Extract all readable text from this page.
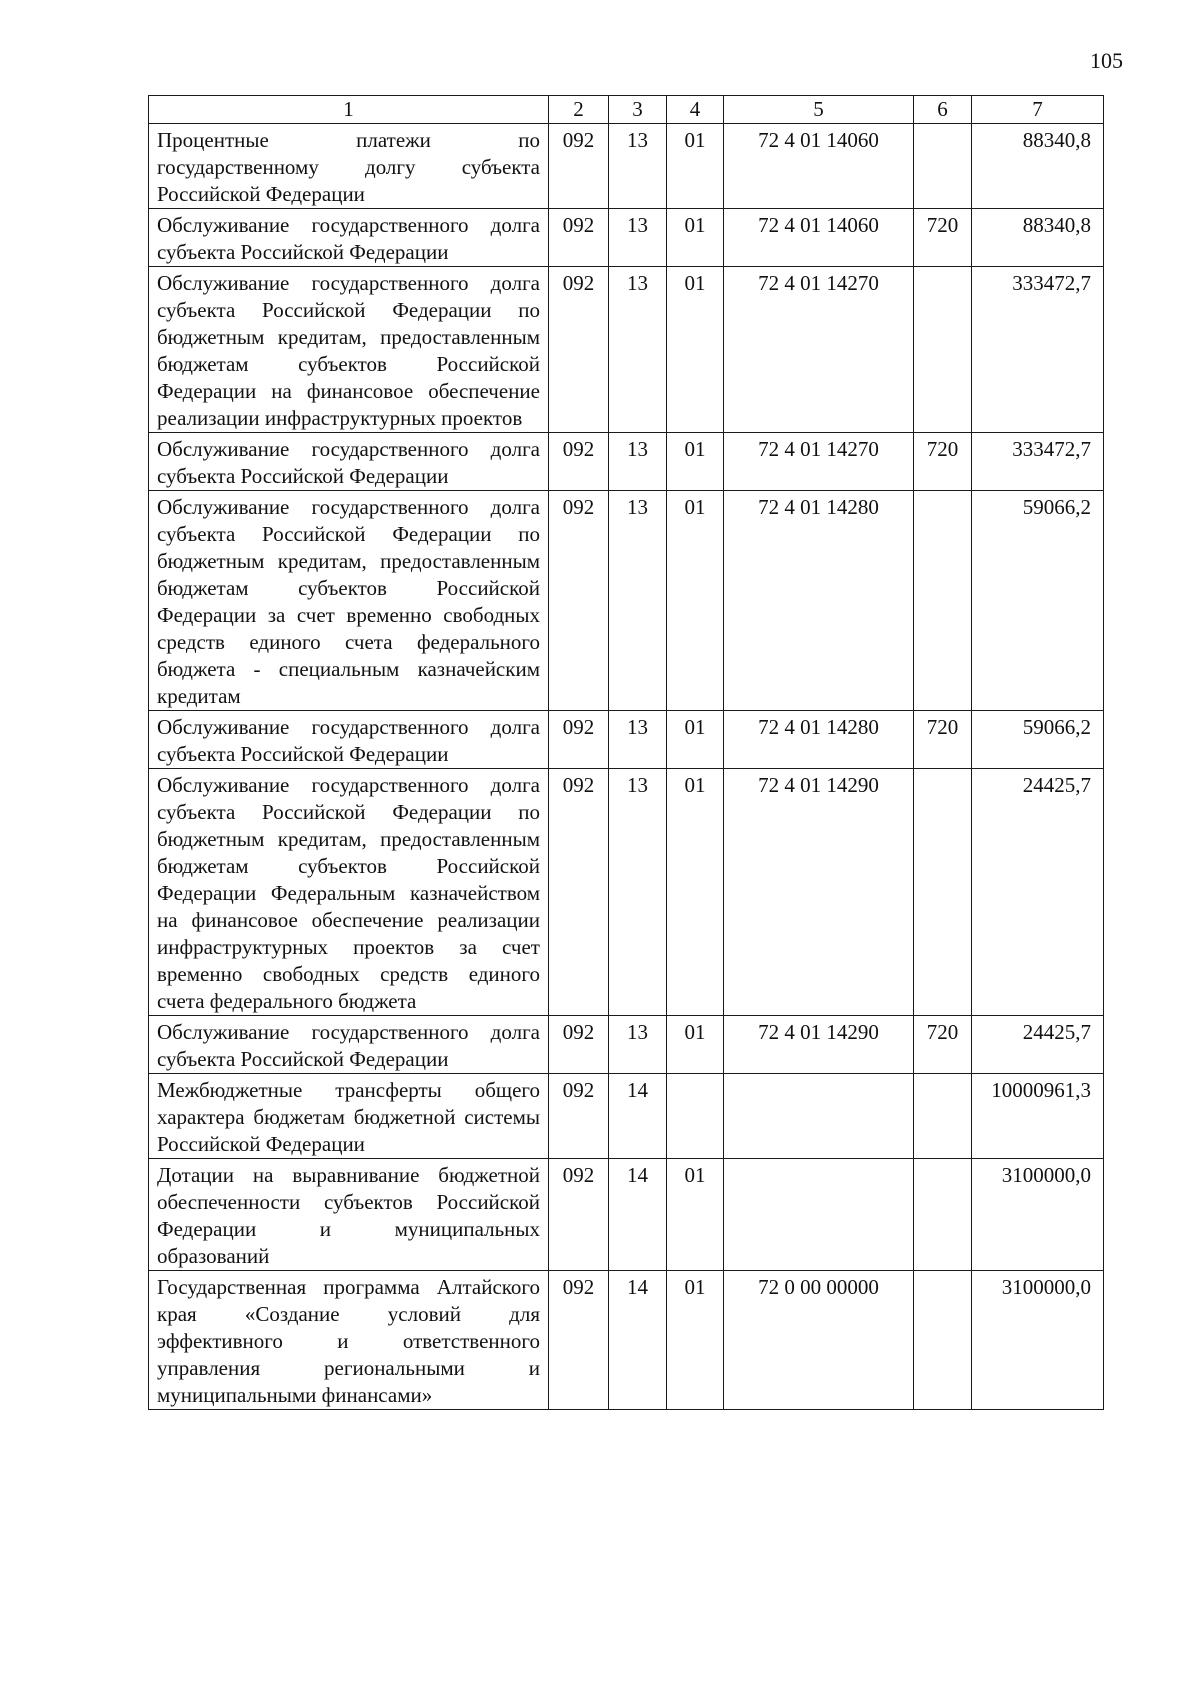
105
1	2	3	4	5	6	7
Процентные платежи по государственному долгу субъекта Российской Федерации	092	13	01	72 4 01 14060		88340,8
Обслуживание государственного долга субъекта Российской Федерации	092	13	01	72 4 01 14060	720	88340,8
Обслуживание государственного долга субъекта Российской Федерации по бюджетным кредитам, предоставленным бюджетам субъектов Российской Федерации на финансовое обеспечение реализации инфраструктурных проектов	092	13	01	72 4 01 14270		333472,7
Обслуживание государственного долга субъекта Российской Федерации	092	13	01	72 4 01 14270	720	333472,7
Обслуживание государственного долга субъекта Российской Федерации по бюджетным кредитам, предоставленным бюджетам субъектов Российской Федерации за счет временно свободных средств единого счета федерального бюджета - специальным казначейским кредитам	092	13	01	72 4 01 14280		59066,2
Обслуживание государственного долга субъекта Российской Федерации	092	13	01	72 4 01 14280	720	59066,2
Обслуживание государственного долга субъекта Российской Федерации по бюджетным кредитам, предоставленным бюджетам субъектов Российской Федерации Федеральным казначейством на финансовое обеспечение реализации инфраструктурных проектов за счет временно свободных средств единого счета федерального бюджета	092	13	01	72 4 01 14290		24425,7
Обслуживание государственного долга субъекта Российской Федерации	092	13	01	72 4 01 14290	720	24425,7
Межбюджетные трансферты общего характера бюджетам бюджетной системы Российской Федерации	092	14				10000961,3
Дотации на выравнивание бюджетной обеспеченности субъектов Российской Федерации и муниципальных образований	092	14	01			3100000,0
Государственная программа Алтайского края «Создание условий для эффективного и ответственного управления региональными и муниципальными финансами»	092	14	01	72 0 00 00000		3100000,0
